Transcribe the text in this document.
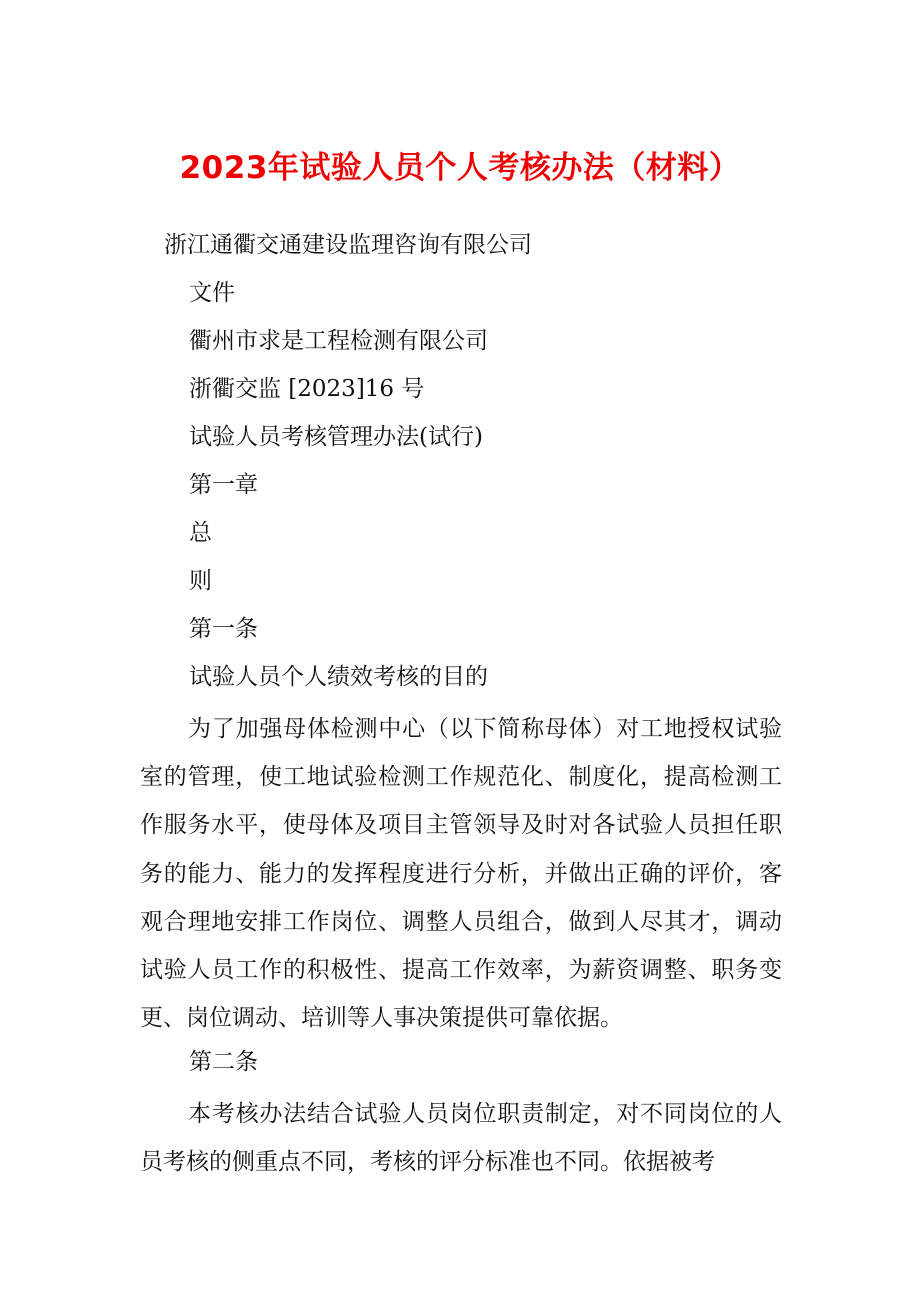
2023年试验人员个人考核办法（材料）

浙江通衢交通建设监理咨询有限公司

文件

衢州市求是工程检测有限公司

浙衢交监 [2023]16 号

试验人员考核管理办法(试行)

第一章

总

则

第一条

试验人员个人绩效考核的目的

为了加强母体检测中心（以下简称母体）对工地授权试验室的管理，使工地试验检测工作规范化、制度化，提高检测工作服务水平，使母体及项目主管领导及时对各试验人员担任职务的能力、能力的发挥程度进行分析，并做出正确的评价，客观合理地安排工作岗位、调整人员组合，做到人尽其才，调动试验人员工作的积极性、提高工作效率，为薪资调整、职务变更、岗位调动、培训等人事决策提供可靠依据。

第二条

本考核办法结合试验人员岗位职责制定，对不同岗位的人员考核的侧重点不同，考核的评分标准也不同。依据被考
